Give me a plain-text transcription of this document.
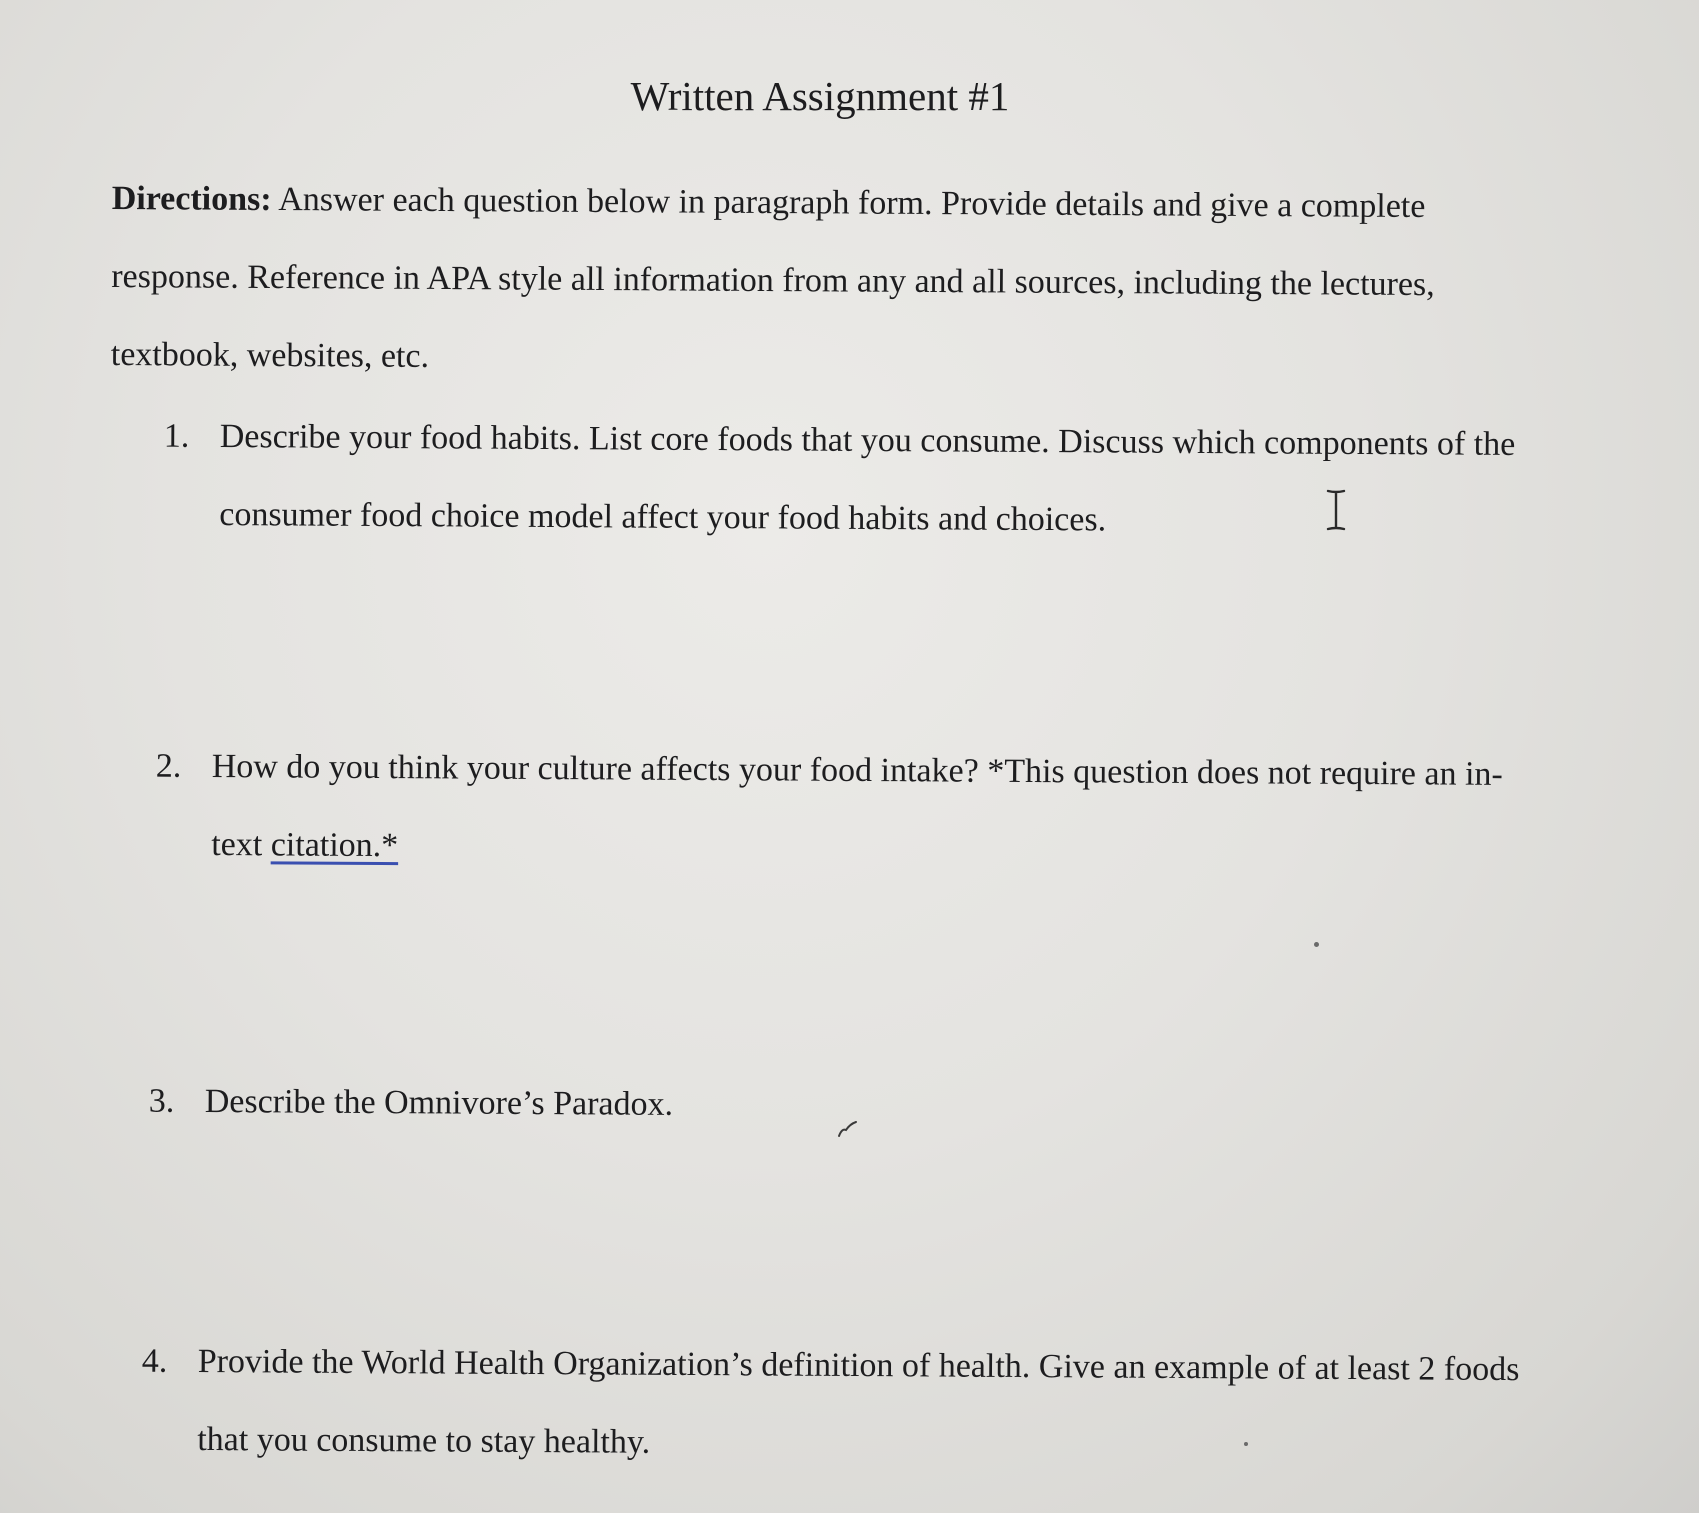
Written Assignment #1
Directions: Answer each question below in paragraph form. Provide details and give a complete response. Reference in APA style all information from any and all sources, including the lectures, textbook, websites, etc.
1. Describe your food habits. List core foods that you consume. Discuss which components of the consumer food choice model affect your food habits and choices.
2. How do you think your culture affects your food intake? *This question does not require an in-text citation.*
3. Describe the Omnivore’s Paradox.
4. Provide the World Health Organization’s definition of health. Give an example of at least 2 foods that you consume to stay healthy.
